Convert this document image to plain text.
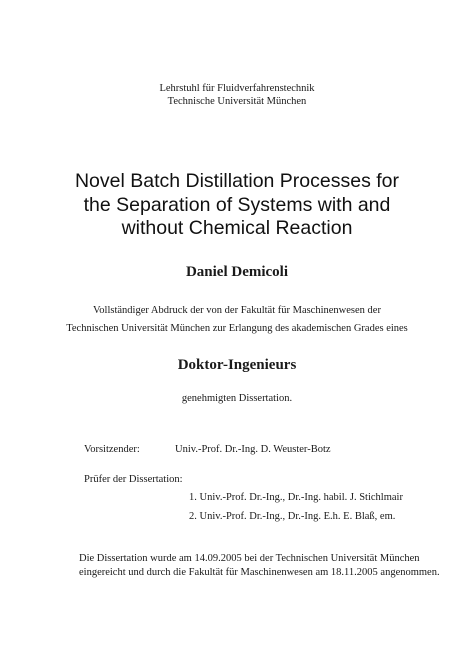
Lehrstuhl für Fluidverfahrenstechnik
Technische Universität München
Novel Batch Distillation Processes for
the Separation of Systems with and
without Chemical Reaction
Daniel Demicoli
Vollständiger Abdruck der von der Fakultät für Maschinenwesen der
Technischen Universität München zur Erlangung des akademischen Grades eines
Doktor-Ingenieurs
genehmigten Dissertation.
Vorsitzender:	Univ.-Prof. Dr.-Ing. D. Weuster-Botz
Prüfer der Dissertation:
1. Univ.-Prof. Dr.-Ing., Dr.-Ing. habil. J. Stichlmair
2. Univ.-Prof. Dr.-Ing., Dr.-Ing. E.h. E. Blaß, em.
Die Dissertation wurde am 14.09.2005 bei der Technischen Universität München
eingereicht und durch die Fakultät für Maschinenwesen am 18.11.2005 angenommen.
